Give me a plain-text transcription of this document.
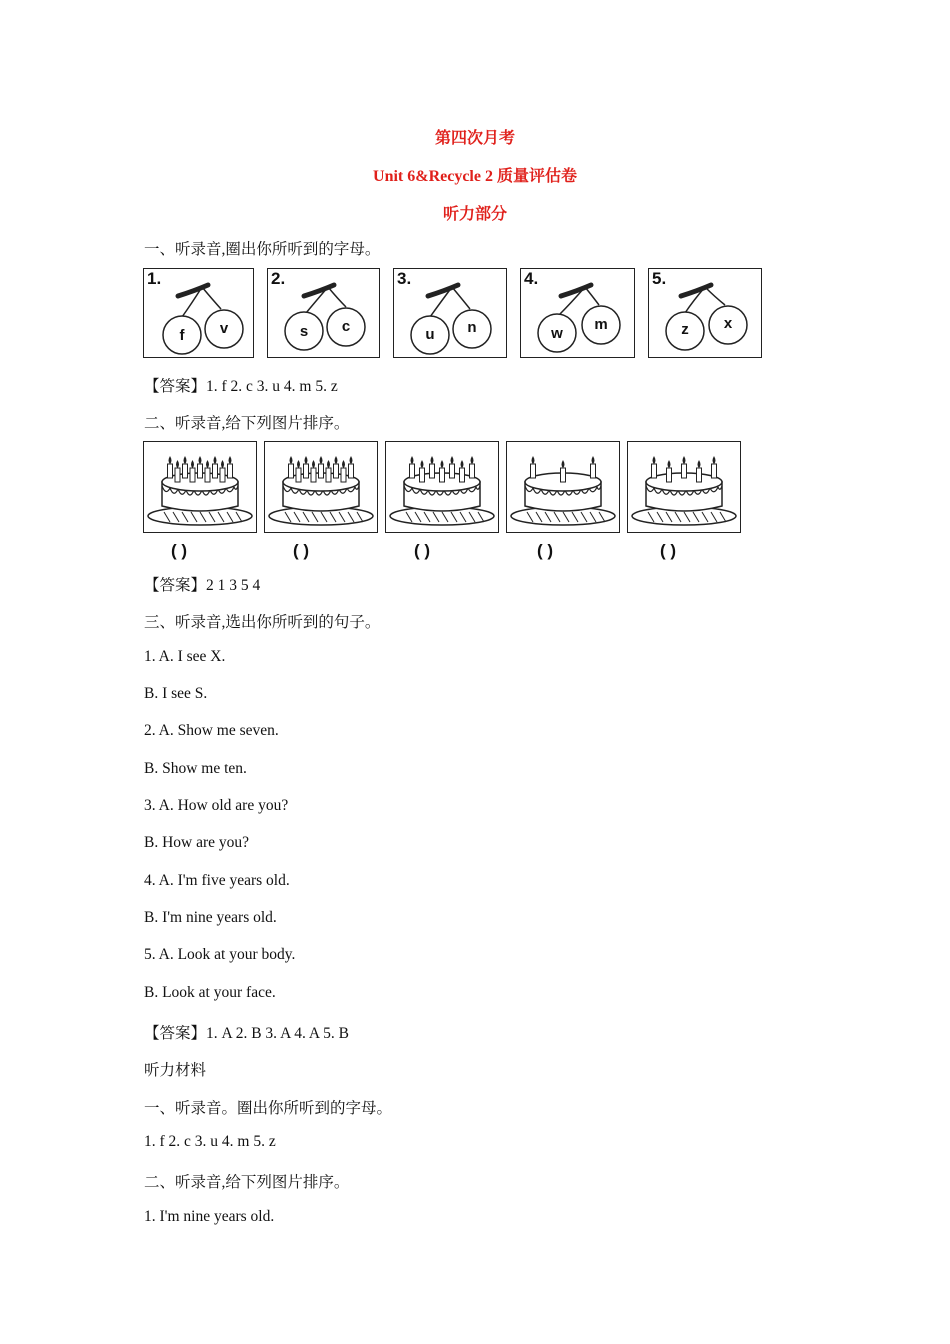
第四次月考
Unit 6&Recycle 2 质量评估卷
听力部分
一、听录音,圈出你所听到的字母。
1.
f	v
2.
s	c
3.
u	n
4.
w
m
5.
z	x
【答案】1. f 2. c 3. u 4. m 5. z
二、听录音,给下列图片排序。
( )	( )	( )	( )	( )
【答案】2 1 3 5 4
三、听录音,选出你所听到的句子。
1. A. I see X.
B. I see S.
2. A. Show me seven.
B. Show me ten.
3. A. How old are you?
B. How are you?
4. A. I'm five years old.
B. I'm nine years old.
5. A. Look at your body.
B. Look at your face.
【答案】1. A 2. B 3. A 4. A 5. B
听力材料
一、听录音。圈出你所听到的字母。
1. f 2. c 3. u 4. m 5. z
二、听录音,给下列图片排序。
1. I'm nine years old.
